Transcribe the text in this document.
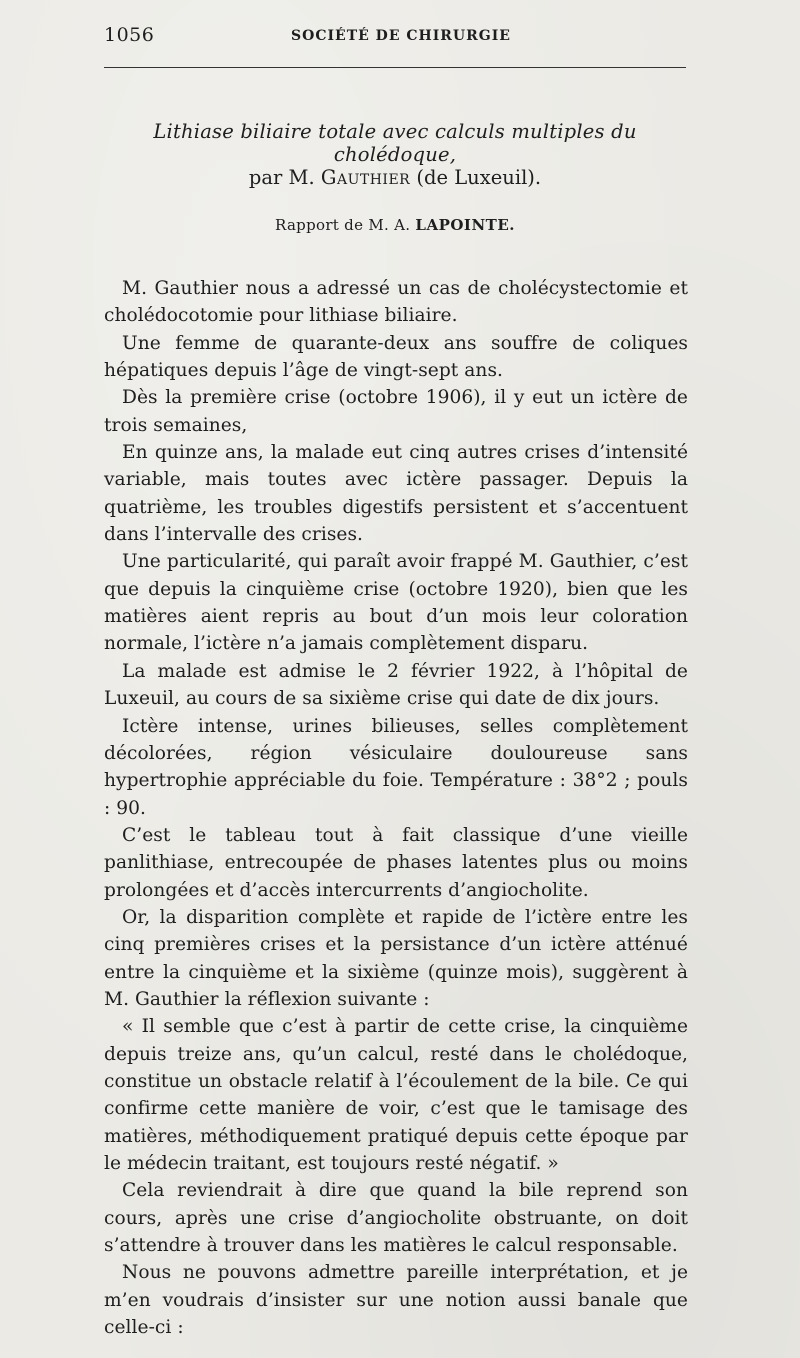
1056	SOCIÉTÉ DE CHIRURGIE
Lithiase biliaire totale avec calculs multiples du cholédoque,
par M. Gauthier (de Luxeuil).
Rapport de M. A. LAPOINTE.

M. Gauthier nous a adressé un cas de cholécystectomie et cholédocotomie pour lithiase biliaire.

Une femme de quarante-deux ans souffre de coliques hépatiques depuis l’âge de vingt-sept ans.

Dès la première crise (octobre 1906), il y eut un ictère de trois semaines,

En quinze ans, la malade eut cinq autres crises d’intensité variable, mais toutes avec ictère passager. Depuis la quatrième, les troubles digestifs persistent et s’accentuent dans l’intervalle des crises.

Une particularité, qui paraît avoir frappé M. Gauthier, c’est que depuis la cinquième crise (octobre 1920), bien que les matières aient repris au bout d’un mois leur coloration normale, l’ictère n’a jamais complètement disparu.

La malade est admise le 2 février 1922, à l’hôpital de Luxeuil, au cours de sa sixième crise qui date de dix jours.

Ictère intense, urines bilieuses, selles complètement décolorées, région vésiculaire douloureuse sans hypertrophie appréciable du foie. Température : 38°2 ; pouls : 90.

C’est le tableau tout à fait classique d’une vieille panlithiase, entrecoupée de phases latentes plus ou moins prolongées et d’accès intercurrents d’angiocholite.

Or, la disparition complète et rapide de l’ictère entre les cinq premières crises et la persistance d’un ictère atténué entre la cinquième et la sixième (quinze mois), suggèrent à M. Gauthier la réflexion suivante :

« Il semble que c’est à partir de cette crise, la cinquième depuis treize ans, qu’un calcul, resté dans le cholédoque, constitue un obstacle relatif à l’écoulement de la bile. Ce qui confirme cette manière de voir, c’est que le tamisage des matières, méthodiquement pratiqué depuis cette époque par le médecin traitant, est toujours resté négatif. »

Cela reviendrait à dire que quand la bile reprend son cours, après une crise d’angiocholite obstruante, on doit s’attendre à trouver dans les matières le calcul responsable.

Nous ne pouvons admettre pareille interprétation, et je m’en voudrais d’insister sur une notion aussi banale que celle-ci :
